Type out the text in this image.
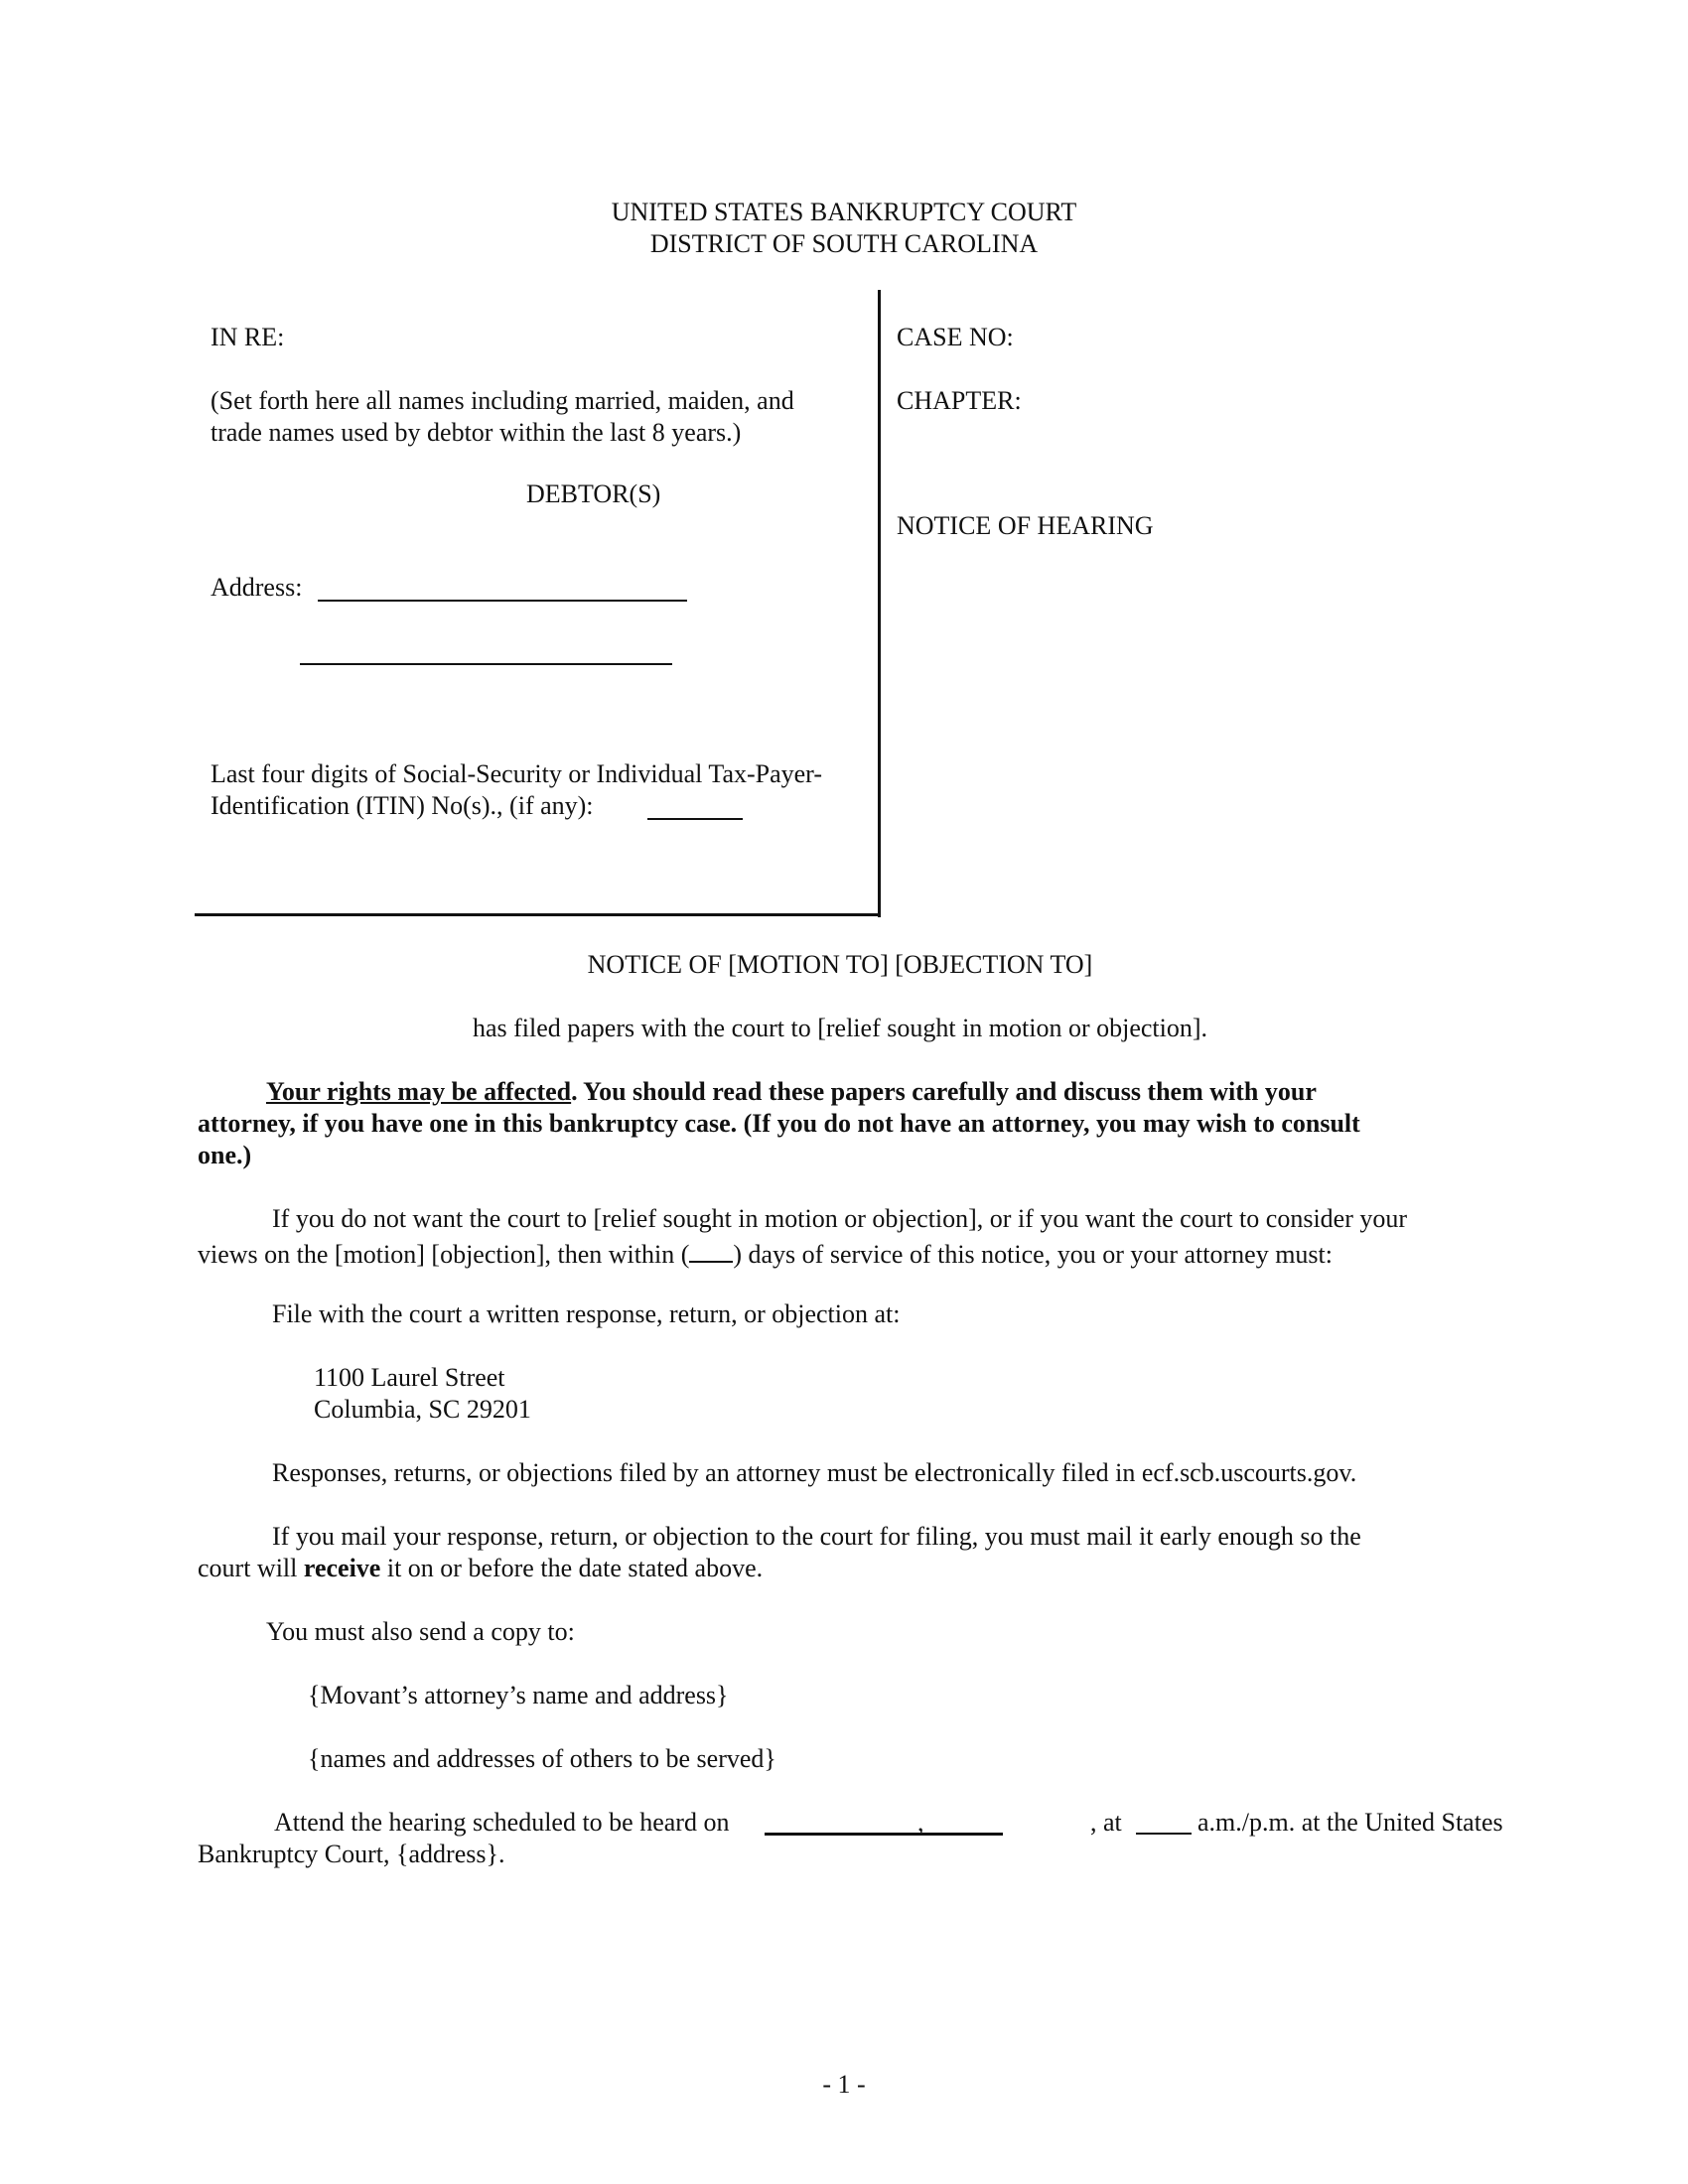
UNITED STATES BANKRUPTCY COURT
DISTRICT OF SOUTH CAROLINA
IN RE:
(Set forth here all names including married, maiden, and
trade names used by debtor within the last 8 years.)
DEBTOR(S)
Address:
Last four digits of Social-Security or Individual Tax-Payer-
Identification (ITIN) No(s)., (if any):
CASE NO:
CHAPTER:
NOTICE OF HEARING
NOTICE OF [MOTION TO] [OBJECTION TO]
has filed papers with the court to [relief sought in motion or objection].
Your rights may be affected. You should read these papers carefully and discuss them with your
attorney, if you have one in this bankruptcy case. (If you do not have an attorney, you may wish to consult
one.)
If you do not want the court to [relief sought in motion or objection], or if you want the court to consider your
views on the [motion] [objection], then within ( ) days of service of this notice, you or your attorney must:
File with the court a written response, return, or objection at:
1100 Laurel Street
Columbia, SC 29201
Responses, returns, or objections filed by an attorney must be electronically filed in ecf.scb.uscourts.gov.
If you mail your response, return, or objection to the court for filing, you must mail it early enough so the
court will receive it on or before the date stated above.
You must also send a copy to:
{Movant’s attorney’s name and address}
{names and addresses of others to be served}
Attend the hearing scheduled to be heard on	,	, at	a.m./p.m. at the United States
Bankruptcy Court, {address}.
- 1 -
